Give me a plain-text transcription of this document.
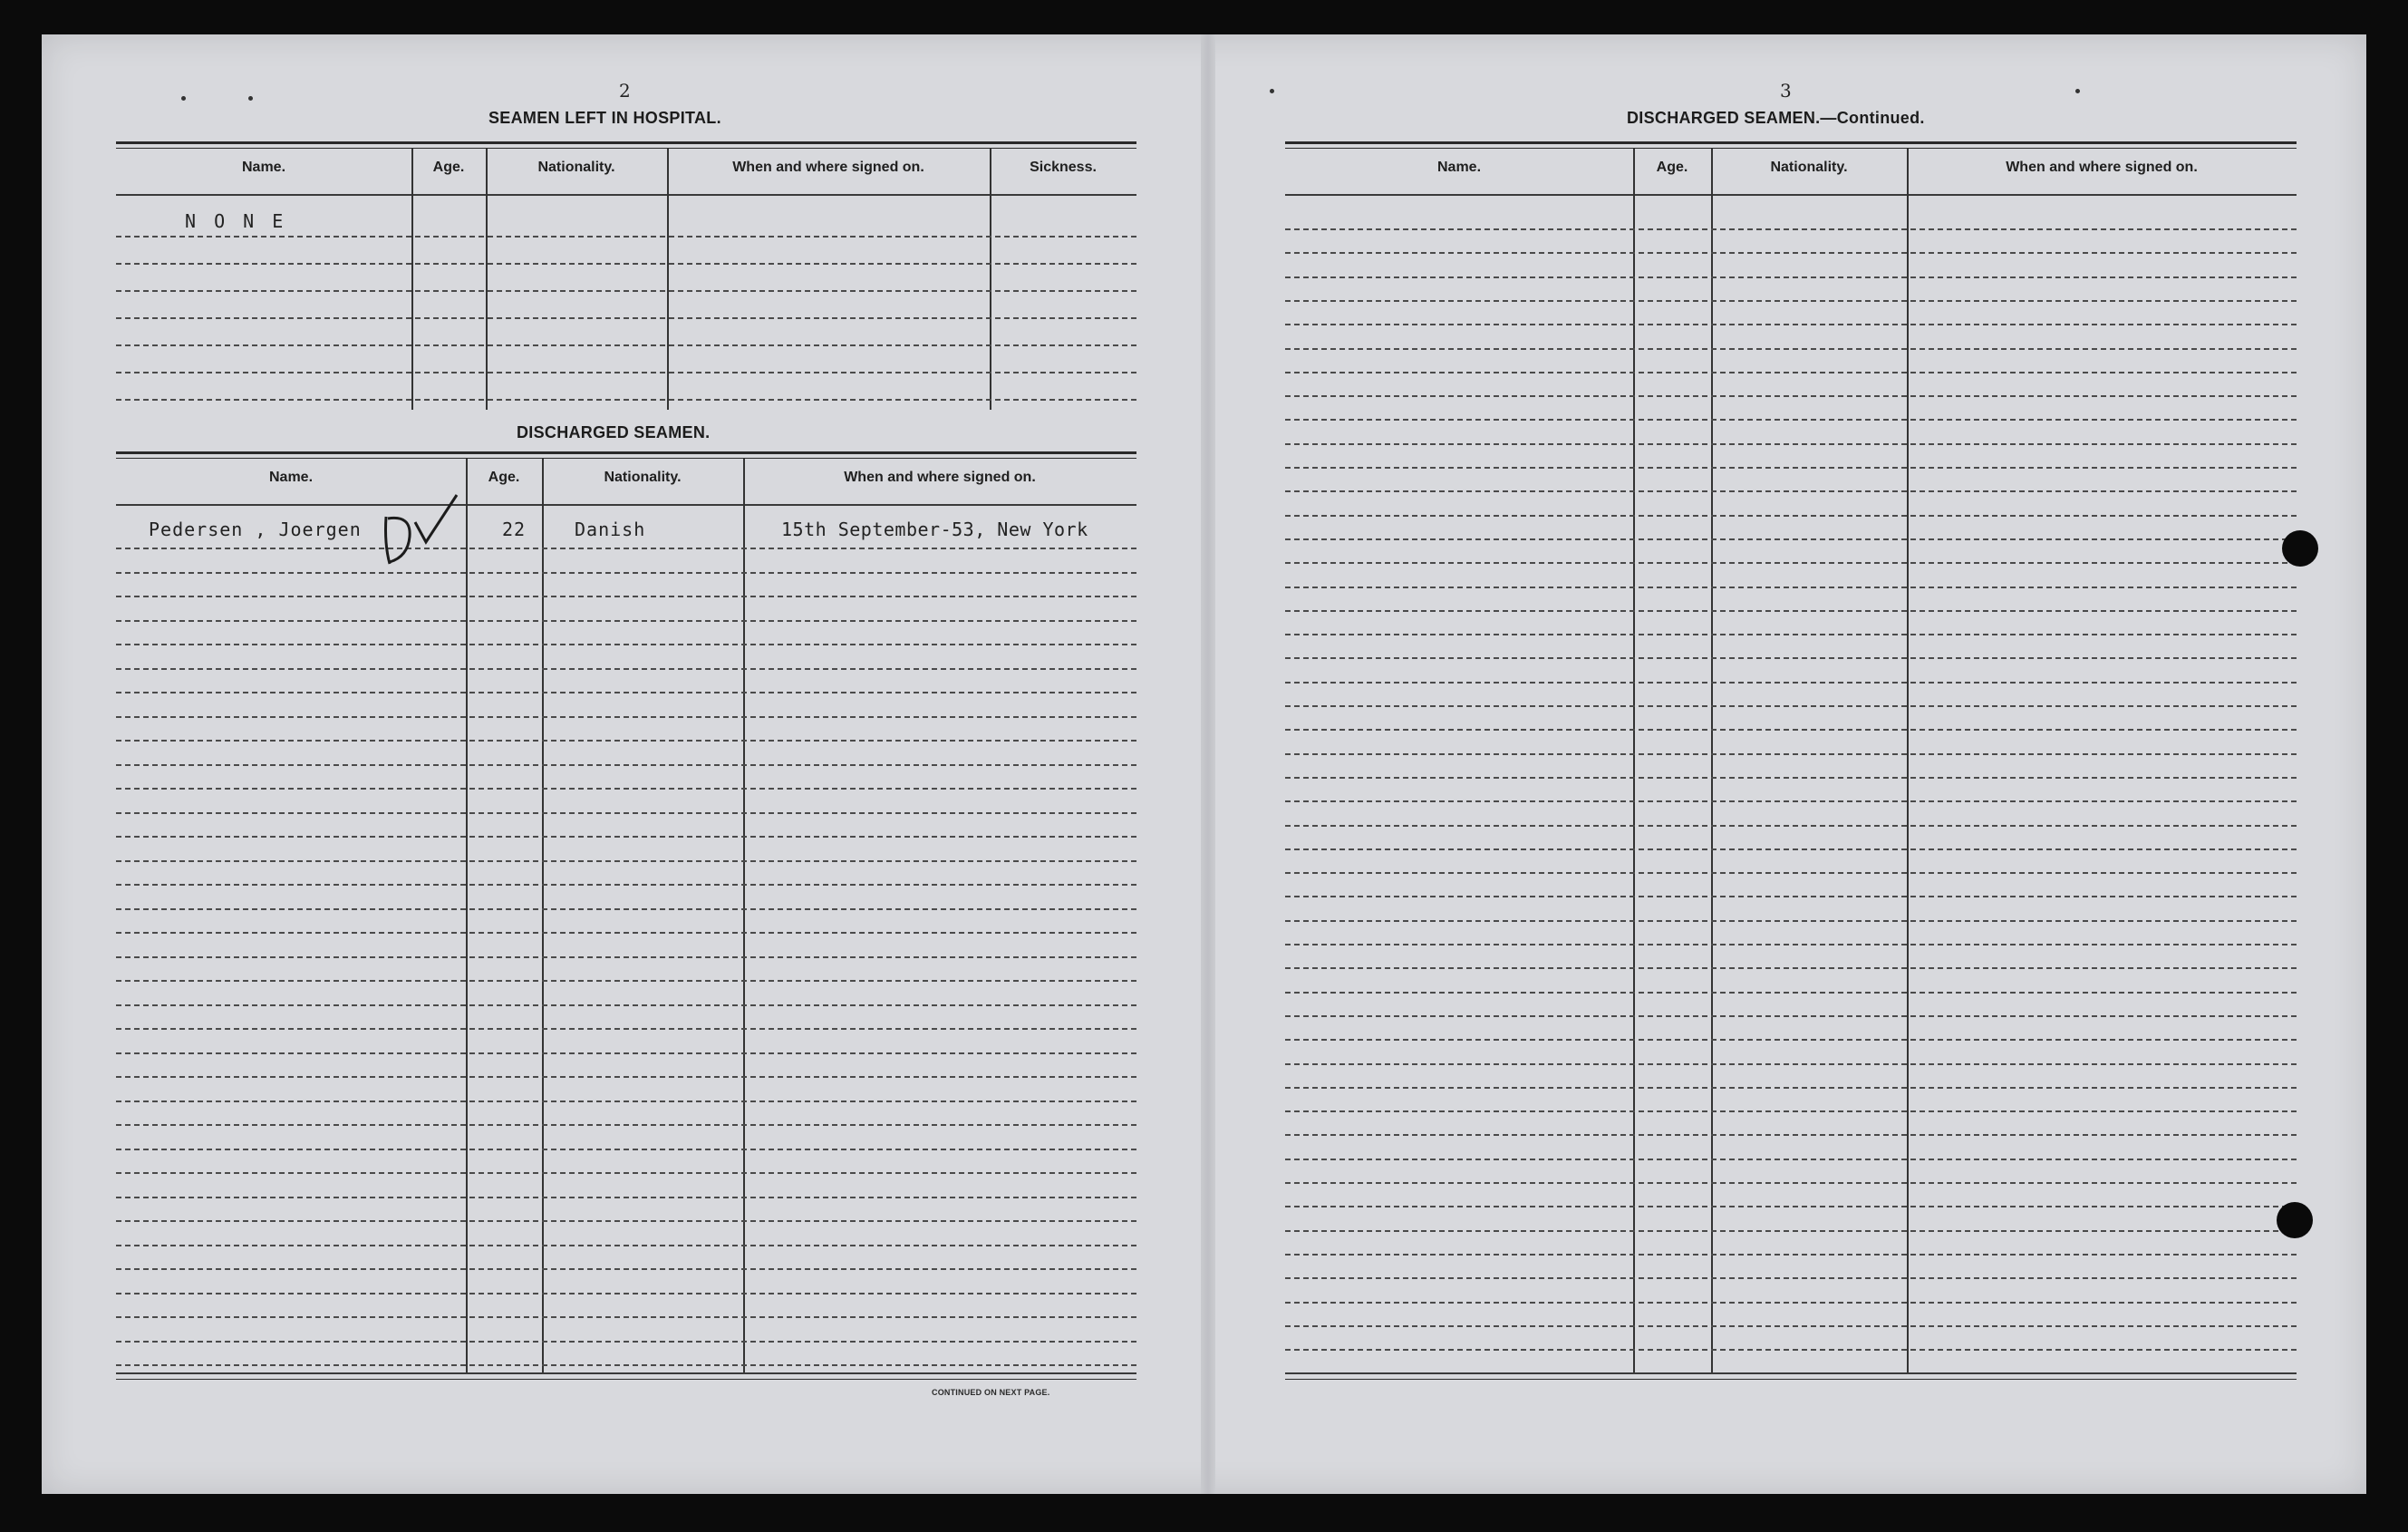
2
SEAMEN LEFT IN HOSPITAL.
Name.	Age.	Nationality.	When and where signed on.	Sickness.
N O N E
DISCHARGED SEAMEN.
Name.	Age.	Nationality.	When and where signed on.
Pedersen , Joergen	22	Danish	15th September-53, New York
CONTINUED ON NEXT PAGE.
3
DISCHARGED SEAMEN.—Continued.
Name.	Age.	Nationality.	When and where signed on.
